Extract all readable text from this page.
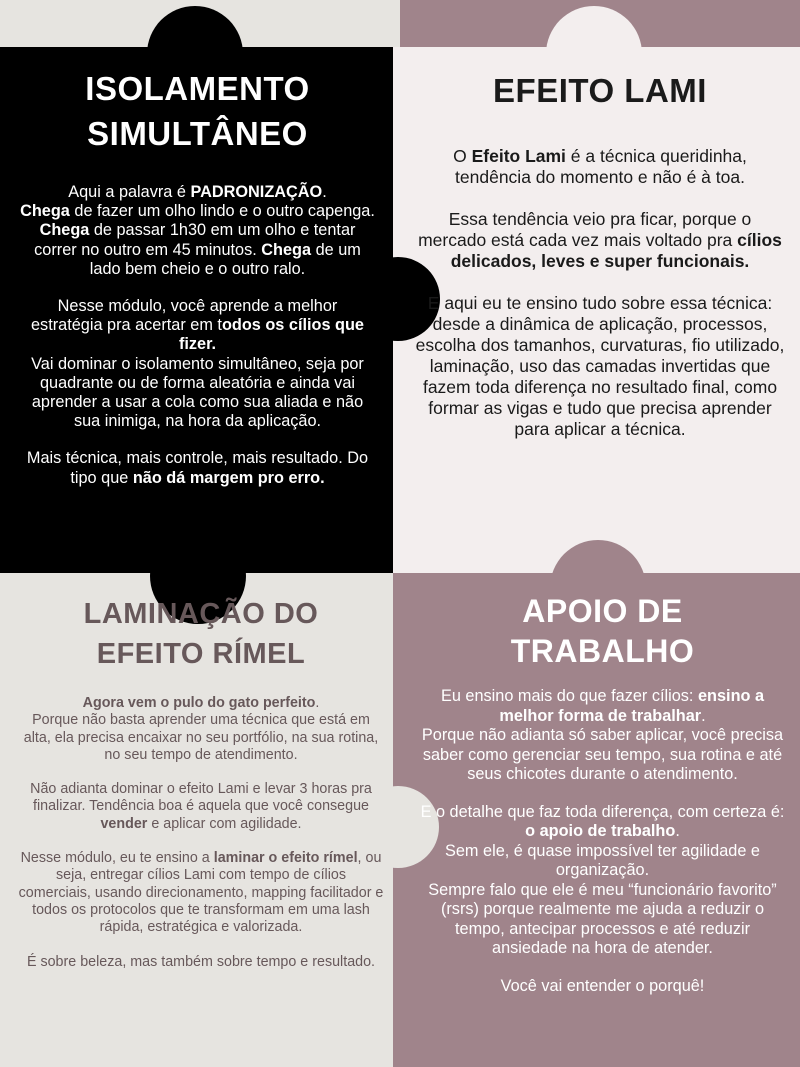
ISOLAMENTO
SIMULTÂNEO

Aqui a palavra é PADRONIZAÇÃO.
Chega de fazer um olho lindo e o outro capenga. Chega de passar 1h30 em um olho e tentar correr no outro em 45 minutos. Chega de um lado bem cheio e o outro ralo.

Nesse módulo, você aprende a melhor estratégia pra acertar em todos os cílios que fizer.
Vai dominar o isolamento simultâneo, seja por quadrante ou de forma aleatória e ainda vai aprender a usar a cola como sua aliada e não sua inimiga, na hora da aplicação.

Mais técnica, mais controle, mais resultado. Do tipo que não dá margem pro erro.

EFEITO LAMI

O Efeito Lami é a técnica queridinha, tendência do momento e não é à toa.

Essa tendência veio pra ficar, porque o mercado está cada vez mais voltado pra cílios delicados, leves e super funcionais.

E aqui eu te ensino tudo sobre essa técnica:
desde a dinâmica de aplicação, processos, escolha dos tamanhos, curvaturas, fio utilizado, laminação, uso das camadas invertidas que fazem toda diferença no resultado final, como formar as vigas e tudo que precisa aprender para aplicar a técnica.

LAMINAÇÃO DO
EFEITO RÍMEL

Agora vem o pulo do gato perfeito.
Porque não basta aprender uma técnica que está em alta, ela precisa encaixar no seu portfólio, na sua rotina, no seu tempo de atendimento.

Não adianta dominar o efeito Lami e levar 3 horas pra finalizar. Tendência boa é aquela que você consegue vender e aplicar com agilidade.

Nesse módulo, eu te ensino a laminar o efeito rímel, ou seja, entregar cílios Lami com tempo de cílios comerciais, usando direcionamento, mapping facilitador e todos os protocolos que te transformam em uma lash rápida, estratégica e valorizada.

É sobre beleza, mas também sobre tempo e resultado.

APOIO DE
TRABALHO

Eu ensino mais do que fazer cílios: ensino a melhor forma de trabalhar.
Porque não adianta só saber aplicar, você precisa saber como gerenciar seu tempo, sua rotina e até seus chicotes durante o atendimento.

E o detalhe que faz toda diferença, com certeza é: o apoio de trabalho.
Sem ele, é quase impossível ter agilidade e organização.
Sempre falo que ele é meu “funcionário favorito” (rsrs) porque realmente me ajuda a reduzir o tempo, antecipar processos e até reduzir ansiedade na hora de atender.

Você vai entender o porquê!
